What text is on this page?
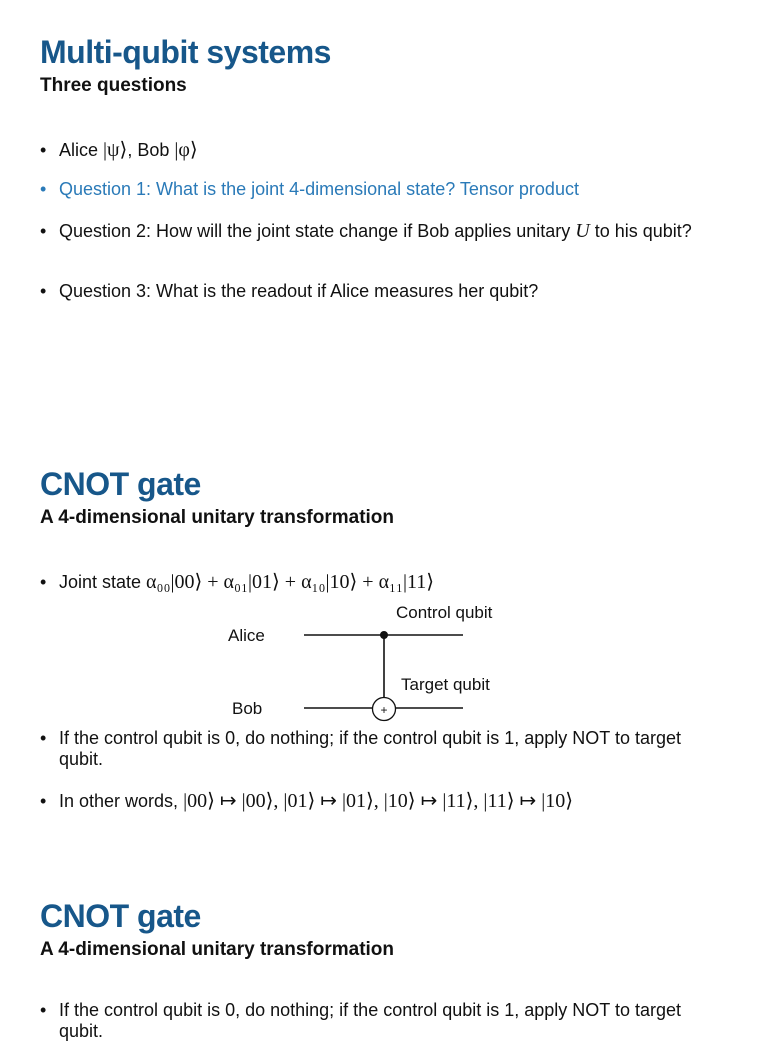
Multi-qubit systems
Three questions
• Alice |ψ⟩, Bob |φ⟩
• Question 1: What is the joint 4-dimensional state? Tensor product
• Question 2: How will the joint state change if Bob applies unitary U to his qubit?
• Question 3: What is the readout if Alice measures her qubit?
CNOT gate
A 4-dimensional unitary transformation
• Joint state α₀₀|00⟩ + α₀₁|01⟩ + α₁₀|10⟩ + α₁₁|11⟩
Alice
Bob
Control qubit
Target qubit
+
• If the control qubit is 0, do nothing; if the control qubit is 1, apply NOT to target qubit.
• In other words, |00⟩ ↦ |00⟩, |01⟩ ↦ |01⟩, |10⟩ ↦ |11⟩, |11⟩ ↦ |10⟩
CNOT gate
A 4-dimensional unitary transformation
• If the control qubit is 0, do nothing; if the control qubit is 1, apply NOT to target qubit.
